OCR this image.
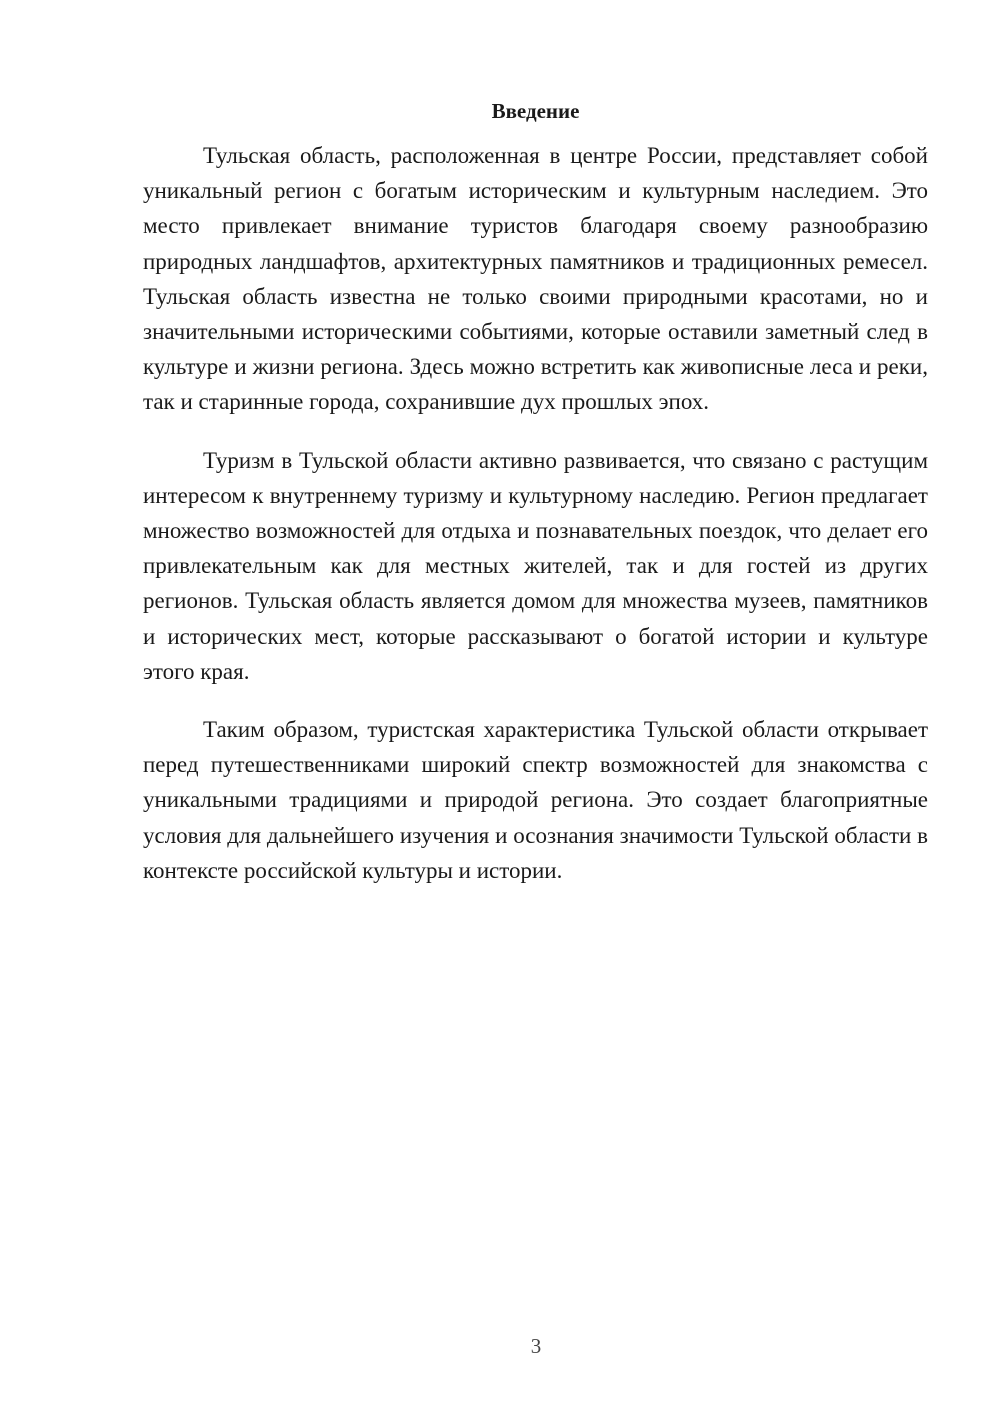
Введение

Тульская область, расположенная в центре России, представляет собой уникальный регион с богатым историческим и культурным наследием. Это место привлекает внимание туристов благодаря своему разнообразию природных ландшафтов, архитектурных памятников и традиционных ремесел. Тульская область известна не только своими природными красотами, но и значительными историческими событиями, которые оставили заметный след в культуре и жизни региона. Здесь можно встретить как живописные леса и реки, так и старинные города, сохранившие дух прошлых эпох.

Туризм в Тульской области активно развивается, что связано с растущим интересом к внутреннему туризму и культурному наследию. Регион предлагает множество возможностей для отдыха и познавательных поездок, что делает его привлекательным как для местных жителей, так и для гостей из других регионов. Тульская область является домом для множества музеев, памятников и исторических мест, которые рассказывают о богатой истории и культуре этого края.

Таким образом, туристская характеристика Тульской области открывает перед путешественниками широкий спектр возможностей для знакомства с уникальными традициями и природой региона. Это создает благоприятные условия для дальнейшего изучения и осознания значимости Тульской области в контексте российской культуры и истории.

3
